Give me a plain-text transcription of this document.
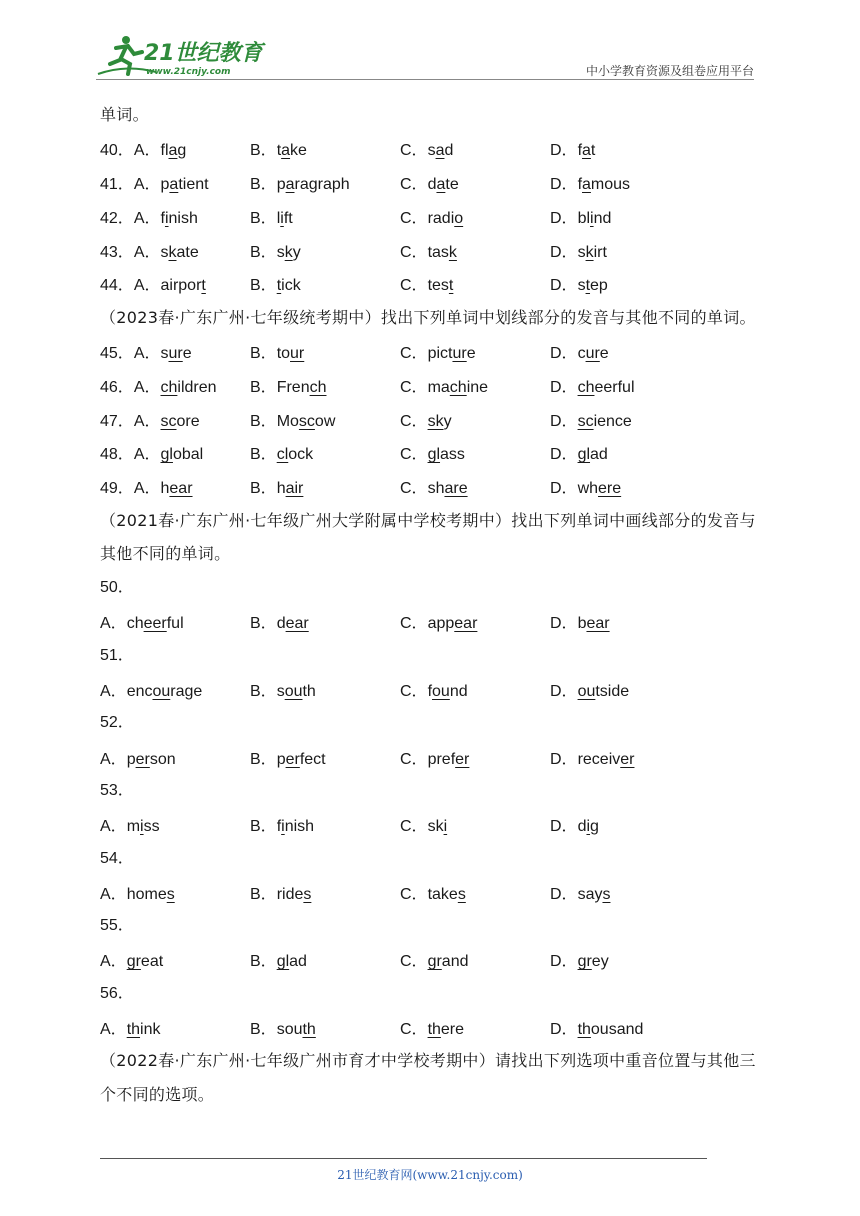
21世纪教育
www.21cnjy.com	中小学教育资源及组卷应用平台

单词。

40．A．flag	B．take	C．sad	D．fat
41．A．patient	B．paragraph	C．date	D．famous
42．A．finish	B．lift	C．radio	D．blind
43．A．skate	B．sky	C．task	D．skirt
44．A．airport	B．tick	C．test	D．step

（2023春·广东广州·七年级统考期中）找出下列单词中划线部分的发音与其他不同的单词。

45．A．sure	B．tour	C．picture	D．cure
46．A．children	B．French	C．machine	D．cheerful
47．A．score	B．Moscow	C．sky	D．science
48．A．global	B．clock	C．glass	D．glad
49．A．hear	B．hair	C．share	D．where

（2021春·广东广州·七年级广州大学附属中学校考期中）找出下列单词中画线部分的发音与其他不同的单词。

50．
A．cheerful	B．dear	C．appear	D．bear
51．
A．encourage	B．south	C．found	D．outside
52．
A．person	B．perfect	C．prefer	D．receiver
53．
A．miss	B．finish	C．ski	D．dig
54．
A．homes	B．rides	C．takes	D．says
55．
A．great	B．glad	C．grand	D．grey
56．
A．think	B．south	C．there	D．thousand

（2022春·广东广州·七年级广州市育才中学校考期中）请找出下列选项中重音位置与其他三个不同的选项。

21世纪教育网(www.21cnjy.com)
